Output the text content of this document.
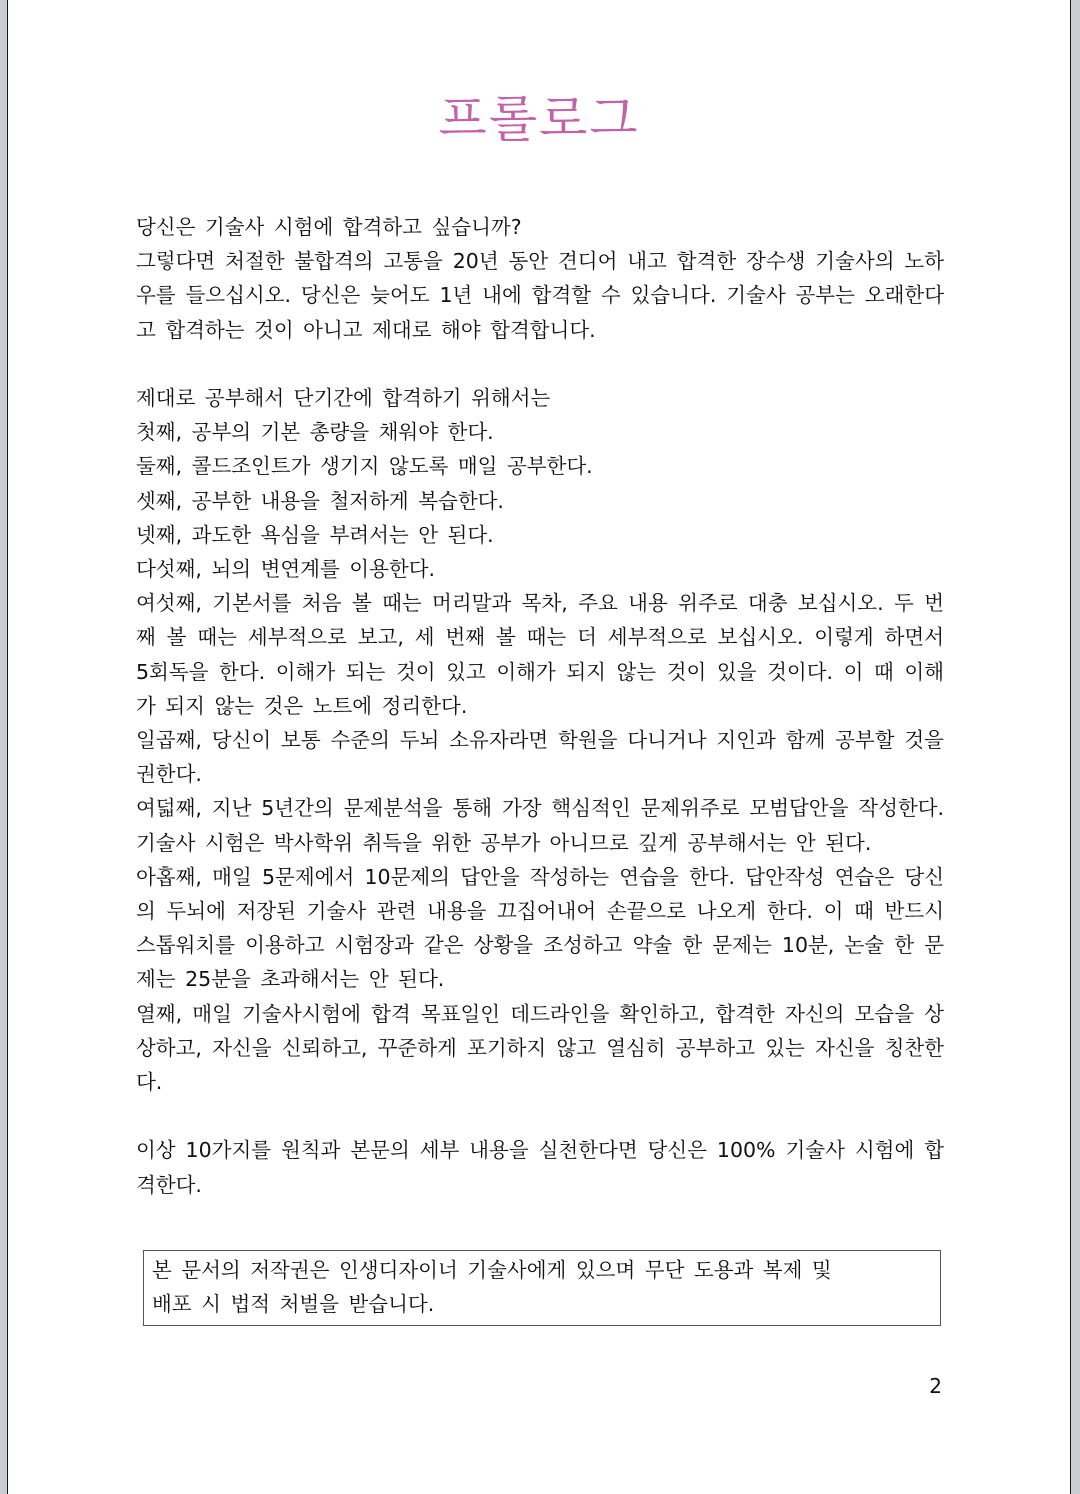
프롤로그

당신은 기술사 시험에 합격하고 싶습니까?

그렇다면 처절한 불합격의 고통을 20년 동안 견디어 내고 합격한 장수생 기술사의 노하우를 들으십시오. 당신은 늦어도 1년 내에 합격할 수 있습니다. 기술사 공부는 오래한다고 합격하는 것이 아니고 제대로 해야 합격합니다.

제대로 공부해서 단기간에 합격하기 위해서는

첫째, 공부의 기본 총량을 채워야 한다.

둘째, 콜드조인트가 생기지 않도록 매일 공부한다.

셋째, 공부한 내용을 철저하게 복습한다.

넷째, 과도한 욕심을 부려서는 안 된다.

다섯째, 뇌의 변연계를 이용한다.

여섯째, 기본서를 처음 볼 때는 머리말과 목차, 주요 내용 위주로 대충 보십시오. 두 번째 볼 때는 세부적으로 보고, 세 번째 볼 때는 더 세부적으로 보십시오. 이렇게 하면서 5회독을 한다. 이해가 되는 것이 있고 이해가 되지 않는 것이 있을 것이다. 이 때 이해가 되지 않는 것은 노트에 정리한다.

일곱째, 당신이 보통 수준의 두뇌 소유자라면 학원을 다니거나 지인과 함께 공부할 것을 권한다.

여덟째, 지난 5년간의 문제분석을 통해 가장 핵심적인 문제위주로 모범답안을 작성한다. 기술사 시험은 박사학위 취득을 위한 공부가 아니므로 깊게 공부해서는 안 된다.

아홉째, 매일 5문제에서 10문제의 답안을 작성하는 연습을 한다. 답안작성 연습은 당신의 두뇌에 저장된 기술사 관련 내용을 끄집어내어 손끝으로 나오게 한다. 이 때 반드시 스톱워치를 이용하고 시험장과 같은 상황을 조성하고 약술 한 문제는 10분, 논술 한 문제는 25분을 초과해서는 안 된다.

열째, 매일 기술사시험에 합격 목표일인 데드라인을 확인하고, 합격한 자신의 모습을 상상하고, 자신을 신뢰하고, 꾸준하게 포기하지 않고 열심히 공부하고 있는 자신을 칭찬한다.

이상 10가지를 원칙과 본문의 세부 내용을 실천한다면 당신은 100% 기술사 시험에 합격한다.

본 문서의 저작권은 인생디자이너 기술사에게 있으며 무단 도용과 복제 및
배포 시 법적 처벌을 받습니다.
2
